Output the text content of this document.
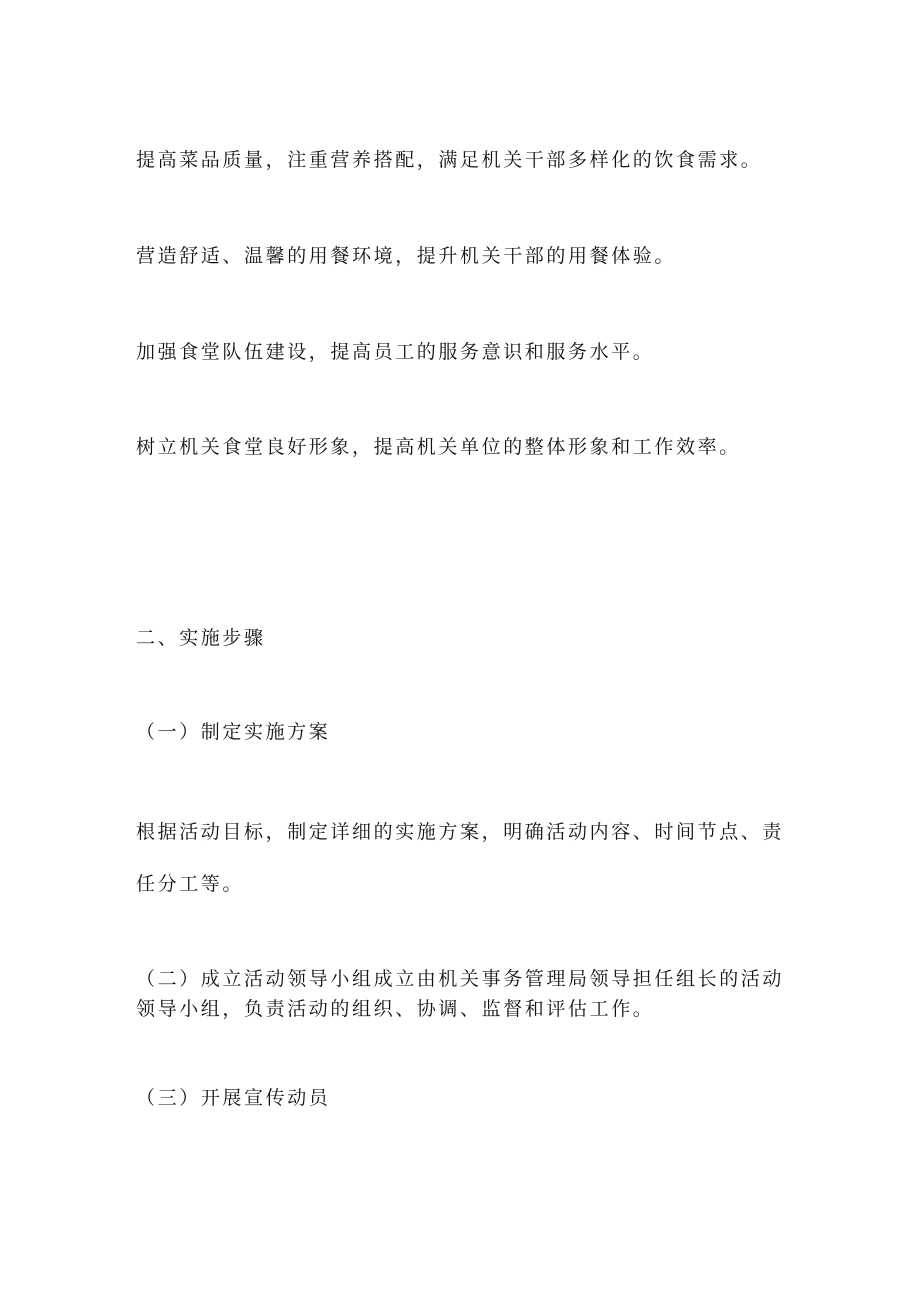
提高菜品质量，注重营养搭配，满足机关干部多样化的饮食需求。
营造舒适、温馨的用餐环境，提升机关干部的用餐体验。
加强食堂队伍建设，提高员工的服务意识和服务水平。
树立机关食堂良好形象，提高机关单位的整体形象和工作效率。
二、实施步骤
（一）制定实施方案
根据活动目标，制定详细的实施方案，明确活动内容、时间节点、责任分工等。
（二）成立活动领导小组成立由机关事务管理局领导担任组长的活动领导小组，负责活动的组织、协调、监督和评估工作。
（三）开展宣传动员
